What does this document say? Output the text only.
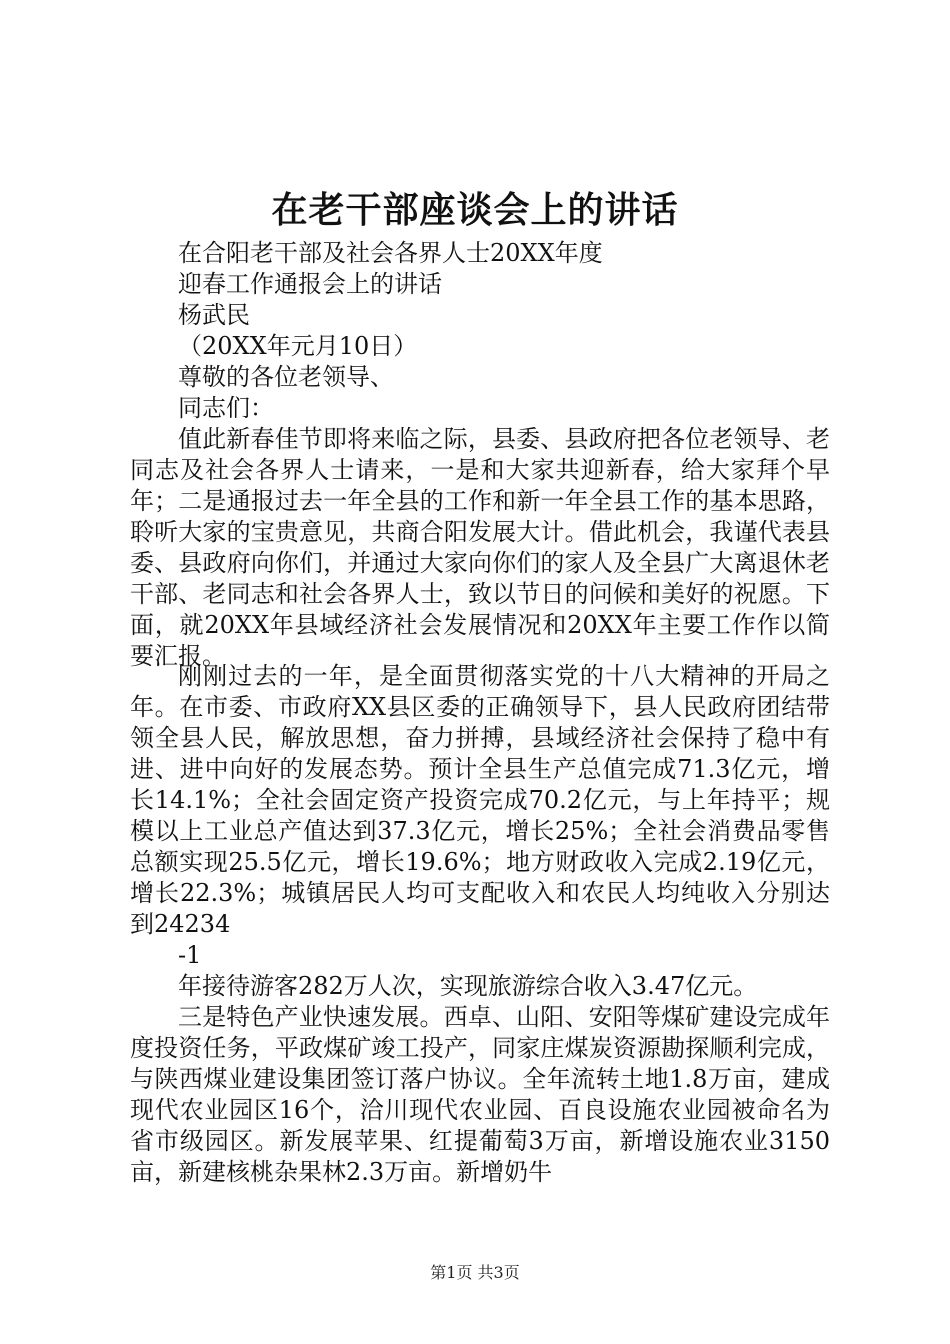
在老干部座谈会上的讲话

在合阳老干部及社会各界人士20XX年度

迎春工作通报会上的讲话

杨武民

（20XX年元月10日）

尊敬的各位老领导、

同志们：

值此新春佳节即将来临之际，县委、县政府把各位老领导、老同志及社会各界人士请来，一是和大家共迎新春，给大家拜个早年；二是通报过去一年全县的工作和新一年全县工作的基本思路，聆听大家的宝贵意见，共商合阳发展大计。借此机会，我谨代表县委、县政府向你们，并通过大家向你们的家人及全县广大离退休老干部、老同志和社会各界人士，致以节日的问候和美好的祝愿。下面，就20XX年县域经济社会发展情况和20XX年主要工作作以简要汇报。

刚刚过去的一年，是全面贯彻落实党的十八大精神的开局之年。在市委、市政府XX县区委的正确领导下，县人民政府团结带领全县人民，解放思想，奋力拼搏，县域经济社会保持了稳中有进、进中向好的发展态势。预计全县生产总值完成71.3亿元，增长14.1%；全社会固定资产投资完成70.2亿元，与上年持平；规模以上工业总产值达到37.3亿元，增长25%；全社会消费品零售总额实现25.5亿元，增长19.6%；地方财政收入完成2.19亿元，增长22.3%；城镇居民人均可支配收入和农民人均纯收入分别达到24234

-1

年接待游客282万人次，实现旅游综合收入3.47亿元。

三是特色产业快速发展。西卓、山阳、安阳等煤矿建设完成年度投资任务，平政煤矿竣工投产，同家庄煤炭资源勘探顺利完成，与陕西煤业建设集团签订落户协议。全年流转土地1.8万亩，建成现代农业园区16个，洽川现代农业园、百良设施农业园被命名为省市级园区。新发展苹果、红提葡萄3万亩，新增设施农业3150亩，新建核桃杂果林2.3万亩。新增奶牛

第1页 共3页
